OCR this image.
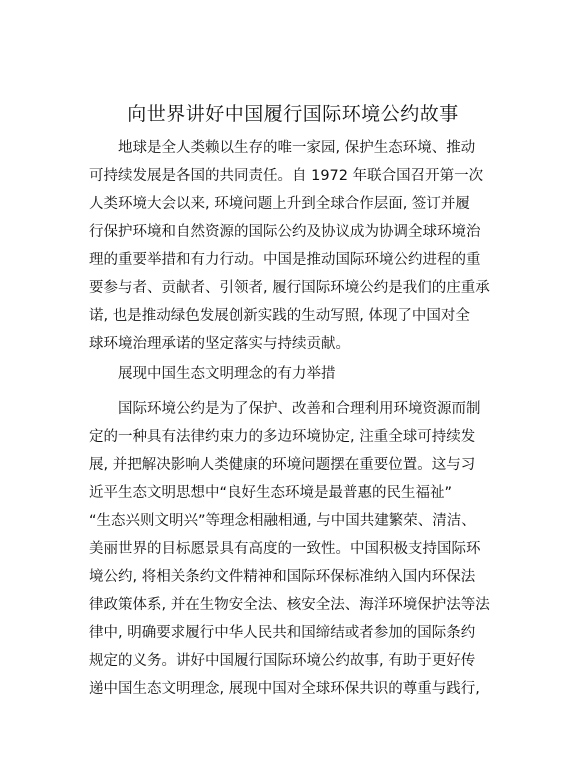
向世界讲好中国履行国际环境公约故事
地球是全人类赖以生存的唯一家园, 保护生态环境、推动
可持续发展是各国的共同责任。自 1972 年联合国召开第一次
人类环境大会以来, 环境问题上升到全球合作层面, 签订并履
行保护环境和自然资源的国际公约及协议成为协调全球环境治
理的重要举措和有力行动。中国是推动国际环境公约进程的重
要参与者、贡献者、引领者, 履行国际环境公约是我们的庄重承
诺, 也是推动绿色发展创新实践的生动写照, 体现了中国对全
球环境治理承诺的坚定落实与持续贡献。
展现中国生态文明理念的有力举措
国际环境公约是为了保护、改善和合理利用环境资源而制
定的一种具有法律约束力的多边环境协定, 注重全球可持续发
展, 并把解决影响人类健康的环境问题摆在重要位置。这与习
近平生态文明思想中“良好生态环境是最普惠的民生福祉”
“生态兴则文明兴”等理念相融相通, 与中国共建繁荣、清洁、
美丽世界的目标愿景具有高度的一致性。中国积极支持国际环
境公约, 将相关条约文件精神和国际环保标准纳入国内环保法
律政策体系, 并在生物安全法、核安全法、海洋环境保护法等法
律中, 明确要求履行中华人民共和国缔结或者参加的国际条约
规定的义务。讲好中国履行国际环境公约故事, 有助于更好传
递中国生态文明理念, 展现中国对全球环保共识的尊重与践行,
